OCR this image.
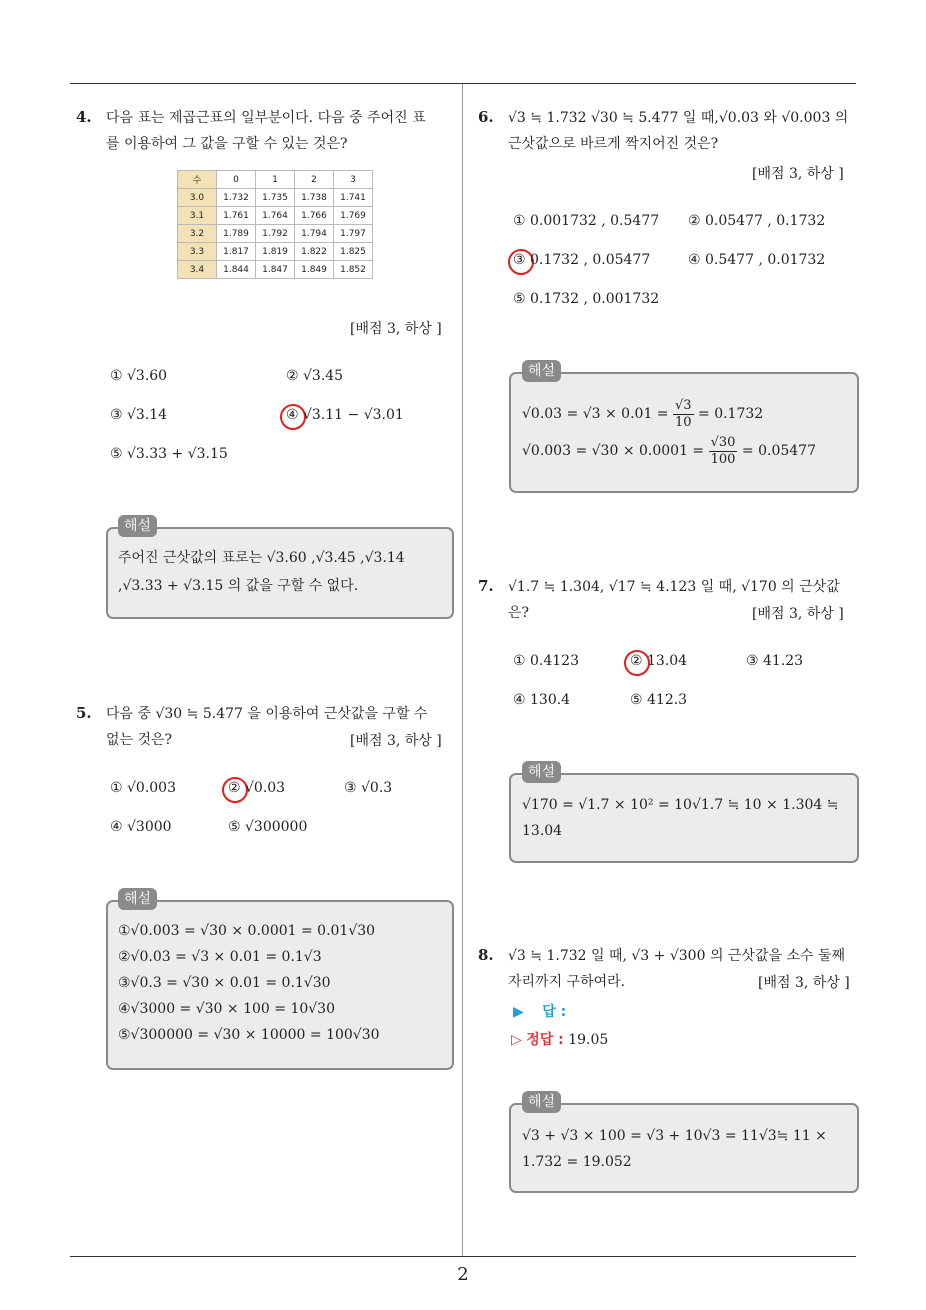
4. 다음 표는 제곱근표의 일부분이다. 다음 중 주어진 표
를 이용하여 그 값을 구할 수 있는 것은?
수	0	1	2	3
3.0	1.732	1.735	1.738	1.741
3.1	1.761	1.764	1.766	1.769
3.2	1.789	1.792	1.794	1.797
3.3	1.817	1.819	1.822	1.825
3.4	1.844	1.847	1.849	1.852
[배점 3, 하상 ]
① √3.60	② √3.45
③ √3.14	④ √3.11 − √3.01
⑤ √3.33 + √3.15
해설
주어진 근삿값의 표로는 √3.60 ,√3.45 ,√3.14
,√3.33 + √3.15 의 값을 구할 수 없다.
5. 다음 중 √30 ≒ 5.477 을 이용하여 근삿값을 구할 수
없는 것은?	[배점 3, 하상 ]
① √0.003	② √0.03	③ √0.3
④ √3000	⑤ √300000
해설
①√0.003 = √30 × 0.0001 = 0.01√30
②√0.03 = √3 × 0.01 = 0.1√3
③√0.3 = √30 × 0.01 = 0.1√30
④√3000 = √30 × 100 = 10√30
⑤√300000 = √30 × 10000 = 100√30
6. √3 ≒ 1.732 √30 ≒ 5.477 일 때,√0.03 와 √0.003 의
근삿값으로 바르게 짝지어진 것은?
[배점 3, 하상 ]
① 0.001732 , 0.5477 ② 0.05477 , 0.1732
③ 0.1732 , 0.05477	④ 0.5477 , 0.01732
⑤ 0.1732 , 0.001732
해설
$√0.03 = √3 \times 0.01 = \frac{√3}{10} = 0.1732$
$√0.003 = √30 \times 0.0001 = \frac{√30}{100} = 0.05477$
7. √1.7 ≒ 1.304, √17 ≒ 4.123 일 때, √170 의 근삿값
은?	[배점 3, 하상 ]
① 0.4123	② 13.04	③ 41.23
④ 130.4	⑤ 412.3
해설
√170 = √1.7 × 10² = 10√1.7 ≒ 10 × 1.304 ≒
13.04
8. √3 ≒ 1.732 일 때, √3 + √300 의 근삿값을 소수 둘째
자리까지 구하여라.	[배점 3, 하상 ]
▶ 답 :
▷ 정답 : 19.05
해설
√3 + √3 × 100 = √3 + 10√3 = 11√3≒ 11 ×
1.732 = 19.052
2
